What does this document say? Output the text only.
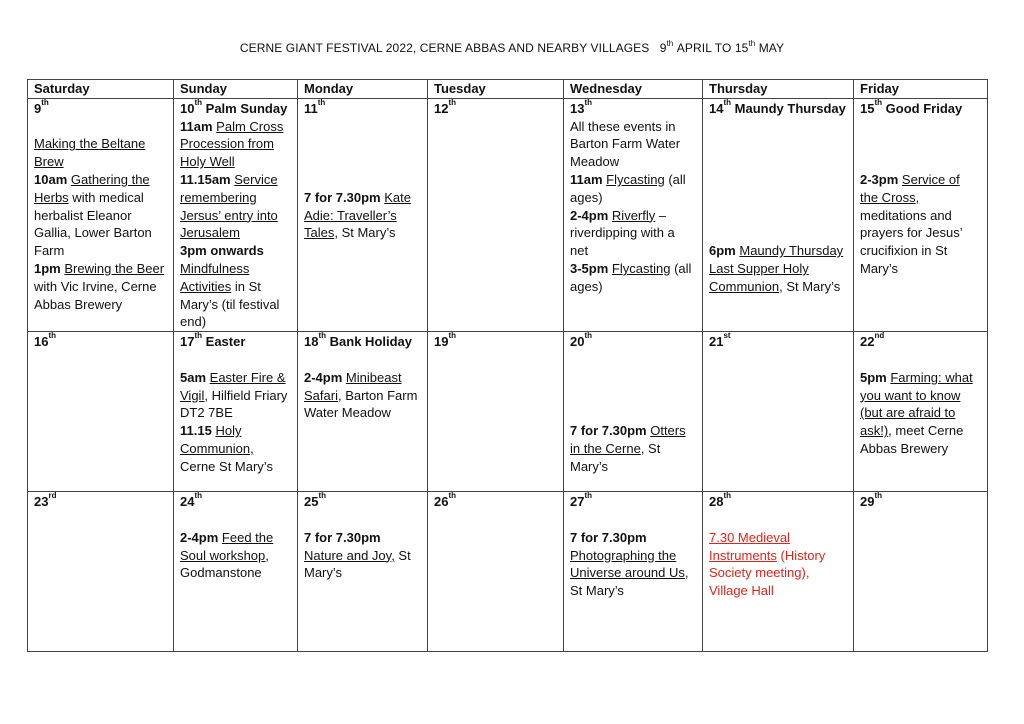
CERNE GIANT FESTIVAL 2022, CERNE ABBAS AND NEARBY VILLAGES 9th APRIL TO 15th MAY
Saturday	Sunday	Monday	Tuesday	Wednesday	Thursday	Friday

9th
Making the Beltane Brew
10am Gathering the Herbs with medical herbalist Eleanor Gallia, Lower Barton Farm
1pm Brewing the Beer with Vic Irvine, Cerne Abbas Brewery	10th Palm Sunday
11am Palm Cross Procession from Holy Well
11.15am Service remembering Jersus’ entry into Jerusalem
3pm onwards Mindfulness Activities in St Mary’s (til festival end)	11th
7 for 7.30pm Kate Adie: Traveller’s Tales, St Mary’s	12th	13th
All these events in Barton Farm Water Meadow
11am Flycasting (all ages)
2-4pm Riverfly – riverdipping with a net
3-5pm Flycasting (all ages)	14th Maundy Thursday
6pm Maundy Thursday Last Supper Holy Communion, St Mary’s	15th Good Friday
2-3pm Service of the Cross, meditations and prayers for Jesus’ crucifixion in St Mary’s

16th	17th Easter
5am Easter Fire & Vigil, Hilfield Friary DT2 7BE
11.15 Holy Communion, Cerne St Mary’s	18th Bank Holiday
2-4pm Minibeast Safari, Barton Farm Water Meadow	19th	20th
7 for 7.30pm Otters in the Cerne, St Mary’s	21st	22nd
5pm Farming: what you want to know (but are afraid to ask!), meet Cerne Abbas Brewery

23rd	24th
2-4pm Feed the Soul workshop, Godmanstone	25th
7 for 7.30pm Nature and Joy, St Mary’s	26th	27th
7 for 7.30pm Photographing the Universe around Us, St Mary’s	28th
7.30 Medieval Instruments (History Society meeting), Village Hall	29th
